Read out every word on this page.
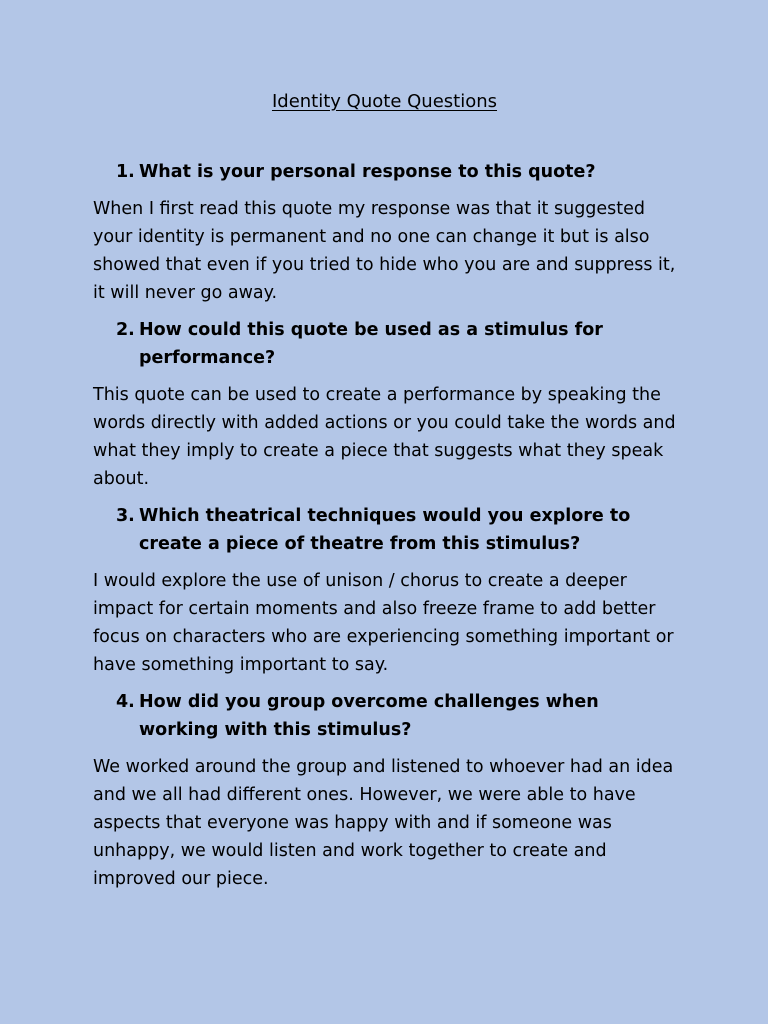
Identity Quote Questions
1. What is your personal response to this quote?

When I first read this quote my response was that it suggested your identity is permanent and no one can change it but is also showed that even if you tried to hide who you are and suppress it, it will never go away.

2. How could this quote be used as a stimulus for performance?

This quote can be used to create a performance by speaking the words directly with added actions or you could take the words and what they imply to create a piece that suggests what they speak about.

3. Which theatrical techniques would you explore to create a piece of theatre from this stimulus?

I would explore the use of unison / chorus to create a deeper impact for certain moments and also freeze frame to add better focus on characters who are experiencing something important or have something important to say.

4. How did you group overcome challenges when working with this stimulus?

We worked around the group and listened to whoever had an idea and we all had different ones. However, we were able to have aspects that everyone was happy with and if someone was unhappy, we would listen and work together to create and improved our piece.
